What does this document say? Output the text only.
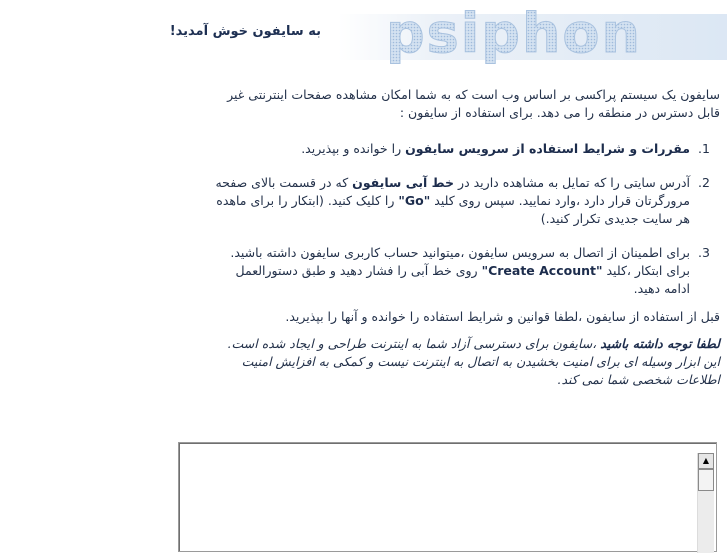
psiphon
به سایفون خوش آمدید!

سایفون یک سیستم پراکسی بر اساس وب است که به شما امکان مشاهده صفحات اینترنتی غیر قابل دسترس در منطقه را می دهد. برای استفاده از سایفون :

1. مقررات و شرایط استفاده از سرویس سایفون را خوانده و بپذیرید.
2. آدرس سایتی را که تمایل به مشاهده دارید در خط آبی سایفون که در قسمت بالای صفحه مرورگرتان قرار دارد ،وارد نمایید. سپس روی کلید "Go" را کلیک کنید. (ابتکار را برای ماهده هر سایت جدیدی تکرار کنید.)
3. برای اطمینان از اتصال به سرویس سایفون ،میتوانید حساب کاربری سایفون داشته باشید. برای ابتکار ،کلید "Create Account" روی خط آبی را فشار دهید و طبق دستورالعمل ادامه دهید.

قبل از استفاده از سایفون ،لطفا قوانین و شرایط استفاده را خوانده و آنها را بپذیرید.

لطفا توجه داشته باشید ،سایفون برای دسترسی آزاد شما به اینترنت طراحی و ایجاد شده است. این ابزار وسیله ای برای امنیت بخشیدن به اتصال به اینترنت نیست و کمکی به افزایش امنیت اطلاعات شخصی شما نمی کند.

▲
